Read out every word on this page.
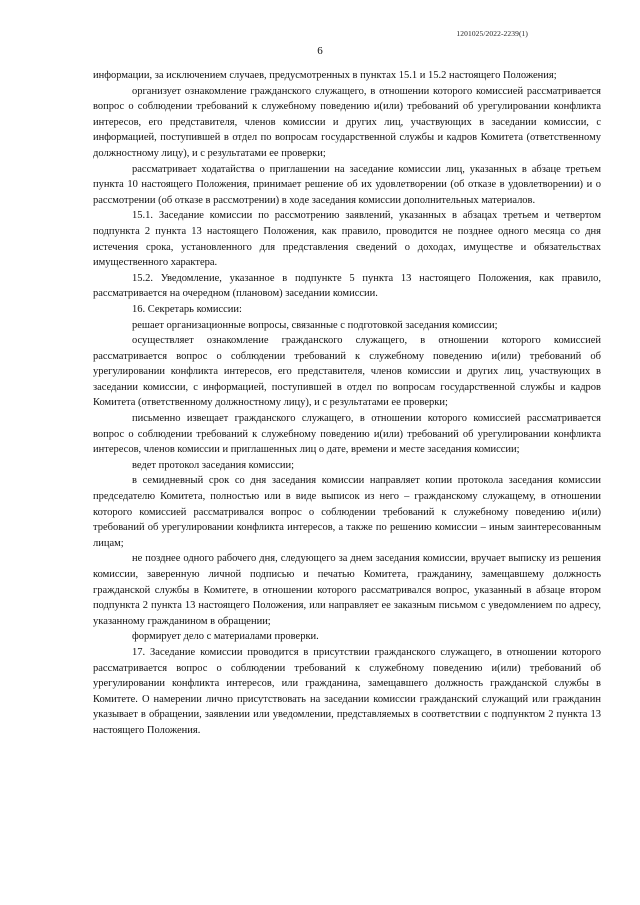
1201025/2022-2239(1)
6

информации, за исключением случаев, предусмотренных в пунктах 15.1 и 15.2 настоящего Положения;

организует ознакомление гражданского служащего, в отношении которого комиссией рассматривается вопрос о соблюдении требований к служебному поведению и(или) требований об урегулировании конфликта интересов, его представителя, членов комиссии и других лиц, участвующих в заседании комиссии, с информацией, поступившей в отдел по вопросам государственной службы и кадров Комитета (ответственному должностному лицу), и с результатами ее проверки;

рассматривает ходатайства о приглашении на заседание комиссии лиц, указанных в абзаце третьем пункта 10 настоящего Положения, принимает решение об их удовлетворении (об отказе в удовлетворении) и о рассмотрении (об отказе в рассмотрении) в ходе заседания комиссии дополнительных материалов.

15.1. Заседание комиссии по рассмотрению заявлений, указанных в абзацах третьем и четвертом подпункта 2 пункта 13 настоящего Положения, как правило, проводится не позднее одного месяца со дня истечения срока, установленного для представления сведений о доходах, имуществе и обязательствах имущественного характера.

15.2. Уведомление, указанное в подпункте 5 пункта 13 настоящего Положения, как правило, рассматривается на очередном (плановом) заседании комиссии.

16. Секретарь комиссии:

решает организационные вопросы, связанные с подготовкой заседания комиссии;

осуществляет ознакомление гражданского служащего, в отношении которого комиссией рассматривается вопрос о соблюдении требований к служебному поведению и(или) требований об урегулировании конфликта интересов, его представителя, членов комиссии и других лиц, участвующих в заседании комиссии, с информацией, поступившей в отдел по вопросам государственной службы и кадров Комитета (ответственному должностному лицу), и с результатами ее проверки;

письменно извещает гражданского служащего, в отношении которого комиссией рассматривается вопрос о соблюдении требований к служебному поведению и(или) требований об урегулировании конфликта интересов, членов комиссии и приглашенных лиц о дате, времени и месте заседания комиссии;

ведет протокол заседания комиссии;

в семидневный срок со дня заседания комиссии направляет копии протокола заседания комиссии председателю Комитета, полностью или в виде выписок из него – гражданскому служащему, в отношении которого комиссией рассматривался вопрос о соблюдении требований к служебному поведению и(или) требований об урегулировании конфликта интересов, а также по решению комиссии – иным заинтересованным лицам;

не позднее одного рабочего дня, следующего за днем заседания комиссии, вручает выписку из решения комиссии, заверенную личной подписью и печатью Комитета, гражданину, замещавшему должность гражданской службы в Комитете, в отношении которого рассматривался вопрос, указанный в абзаце втором подпункта 2 пункта 13 настоящего Положения, или направляет ее заказным письмом с уведомлением по адресу, указанному гражданином в обращении;

формирует дело с материалами проверки.

17. Заседание комиссии проводится в присутствии гражданского служащего, в отношении которого рассматривается вопрос о соблюдении требований к служебному поведению и(или) требований об урегулировании конфликта интересов, или гражданина, замещавшего должность гражданской службы в Комитете. О намерении лично присутствовать на заседании комиссии гражданский служащий или гражданин указывает в обращении, заявлении или уведомлении, представляемых в соответствии с подпунктом 2 пункта 13 настоящего Положения.
